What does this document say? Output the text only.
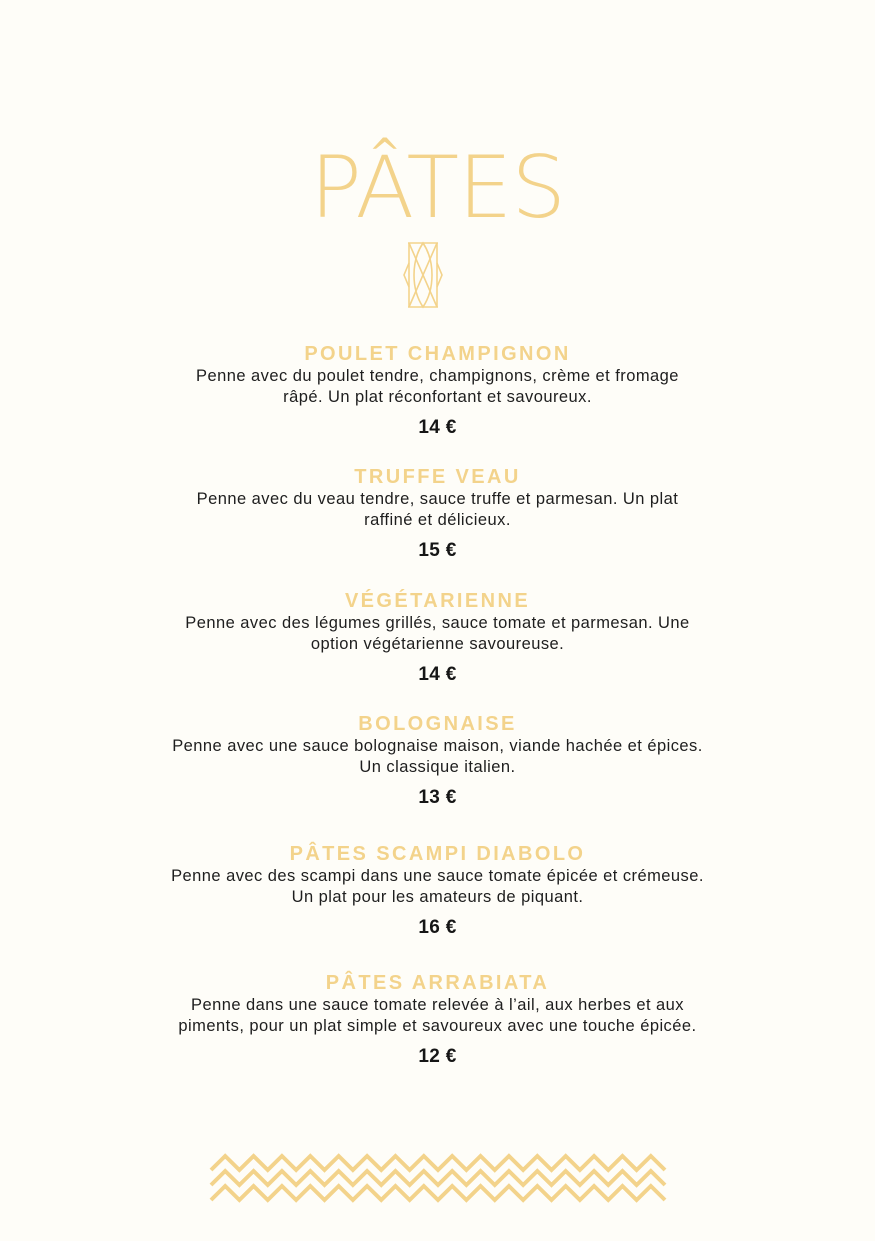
PÂTES
POULET CHAMPIGNON
Penne avec du poulet tendre, champignons, crème et fromage
râpé. Un plat réconfortant et savoureux.
14 €
TRUFFE VEAU
Penne avec du veau tendre, sauce truffe et parmesan. Un plat
raffiné et délicieux.
15 €
VÉGÉTARIENNE
Penne avec des légumes grillés, sauce tomate et parmesan. Une
option végétarienne savoureuse.
14 €
BOLOGNAISE
Penne avec une sauce bolognaise maison, viande hachée et épices.
Un classique italien.
13 €
PÂTES SCAMPI DIABOLO
Penne avec des scampi dans une sauce tomate épicée et crémeuse.
Un plat pour les amateurs de piquant.
16 €
PÂTES ARRABIATA
Penne dans une sauce tomate relevée à l’ail, aux herbes et aux
piments, pour un plat simple et savoureux avec une touche épicée.
12 €
